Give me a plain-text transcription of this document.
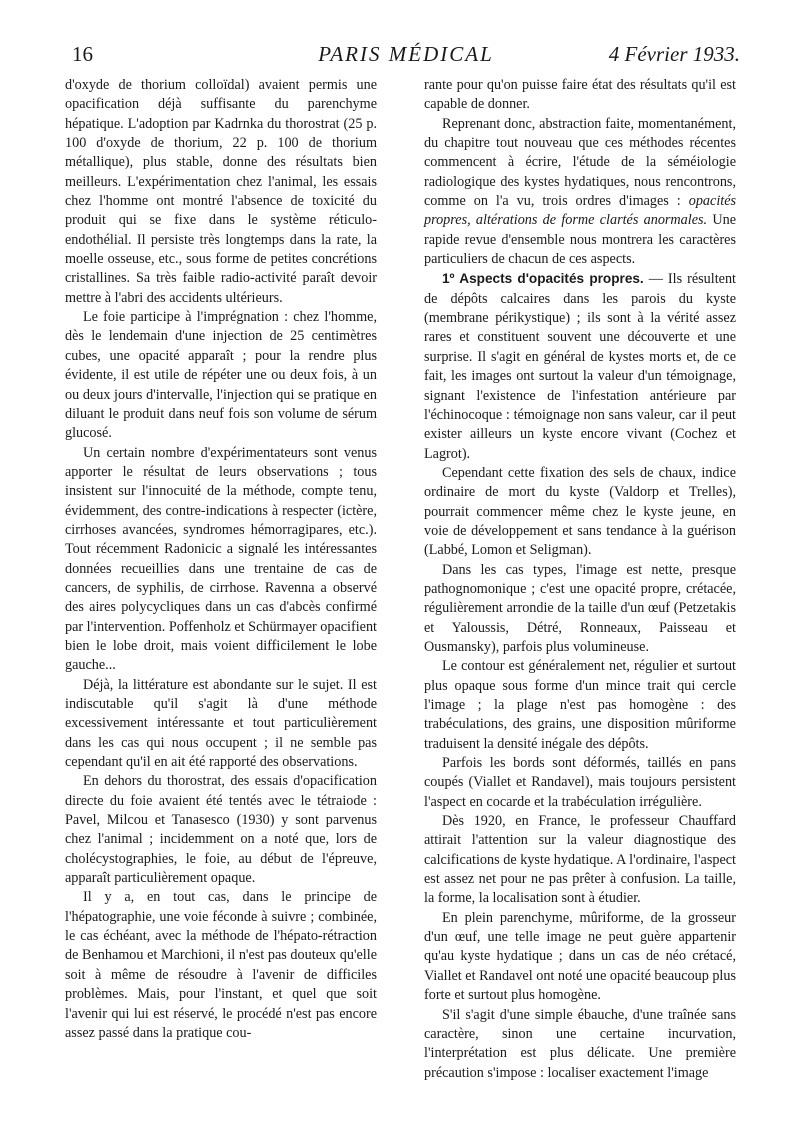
16	PARIS MÉDICAL	4 Février 1933.

d'oxyde de thorium colloïdal) avaient permis une opacification déjà suffisante du parenchyme hépatique. L'adoption par Kadrnka du thorostrat (25 p. 100 d'oxyde de thorium, 22 p. 100 de thorium métallique), plus stable, donne des résultats bien meilleurs. L'expérimentation chez l'animal, les essais chez l'homme ont montré l'absence de toxicité du produit qui se fixe dans le système réticulo-endothélial. Il persiste très longtemps dans la rate, la moelle osseuse, etc., sous forme de petites concrétions cristallines. Sa très faible radio-activité paraît devoir mettre à l'abri des accidents ultérieurs.

Le foie participe à l'imprégnation : chez l'homme, dès le lendemain d'une injection de 25 centimètres cubes, une opacité apparaît ; pour la rendre plus évidente, il est utile de répéter une ou deux fois, à un ou deux jours d'intervalle, l'injection qui se pratique en diluant le produit dans neuf fois son volume de sérum glucosé.

Un certain nombre d'expérimentateurs sont venus apporter le résultat de leurs observations ; tous insistent sur l'innocuité de la méthode, compte tenu, évidemment, des contre-indications à respecter (ictère, cirrhoses avancées, syndromes hémorragipares, etc.). Tout récemment Radonicic a signalé les intéressantes données recueillies dans une trentaine de cas de cancers, de syphilis, de cirrhose. Ravenna a observé des aires polycycliques dans un cas d'abcès confirmé par l'intervention. Poffenholz et Schürmayer opacifient bien le lobe droit, mais voient difficilement le lobe gauche...

Déjà, la littérature est abondante sur le sujet. Il est indiscutable qu'il s'agit là d'une méthode excessivement intéressante et tout particulièrement dans les cas qui nous occupent ; il ne semble pas cependant qu'il en ait été rapporté des observations.

En dehors du thorostrat, des essais d'opacification directe du foie avaient été tentés avec le tétraiode : Pavel, Milcou et Tanasesco (1930) y sont parvenus chez l'animal ; incidemment on a noté que, lors de cholécystographies, le foie, au début de l'épreuve, apparaît particulièrement opaque.

Il y a, en tout cas, dans le principe de l'hépatographie, une voie féconde à suivre ; combinée, le cas échéant, avec la méthode de l'hépato-rétraction de Benhamou et Marchioni, il n'est pas douteux qu'elle soit à même de résoudre à l'avenir de difficiles problèmes. Mais, pour l'instant, et quel que soit l'avenir qui lui est réservé, le procédé n'est pas encore assez passé dans la pratique cou-

rante pour qu'on puisse faire état des résultats qu'il est capable de donner.

Reprenant donc, abstraction faite, momentanément, du chapitre tout nouveau que ces méthodes récentes commencent à écrire, l'étude de la séméiologie radiologique des kystes hydatiques, nous rencontrons, comme on l'a vu, trois ordres d'images : opacités propres, altérations de forme clartés anormales. Une rapide revue d'ensemble nous montrera les caractères particuliers de chacun de ces aspects.

1º Aspects d'opacités propres. — Ils résultent de dépôts calcaires dans les parois du kyste (membrane périkystique) ; ils sont à la vérité assez rares et constituent souvent une découverte et une surprise. Il s'agit en général de kystes morts et, de ce fait, les images ont surtout la valeur d'un témoignage, signant l'existence de l'infestation antérieure par l'échinocoque : témoignage non sans valeur, car il peut exister ailleurs un kyste encore vivant (Cochez et Lagrot).

Cependant cette fixation des sels de chaux, indice ordinaire de mort du kyste (Valdorp et Trelles), pourrait commencer même chez le kyste jeune, en voie de développement et sans tendance à la guérison (Labbé, Lomon et Seligman).

Dans les cas types, l'image est nette, presque pathognomonique ; c'est une opacité propre, crétacée, régulièrement arrondie de la taille d'un œuf (Petzetakis et Yaloussis, Détré, Ronneaux, Paisseau et Ousmansky), parfois plus volumineuse.

Le contour est généralement net, régulier et surtout plus opaque sous forme d'un mince trait qui cercle l'image ; la plage n'est pas homogène : des trabéculations, des grains, une disposition mûriforme traduisent la densité inégale des dépôts.

Parfois les bords sont déformés, taillés en pans coupés (Viallet et Randavel), mais toujours persistent l'aspect en cocarde et la trabéculation irrégulière.

Dès 1920, en France, le professeur Chauffard attirait l'attention sur la valeur diagnostique des calcifications de kyste hydatique. A l'ordinaire, l'aspect est assez net pour ne pas prêter à confusion. La taille, la forme, la localisation sont à étudier.

En plein parenchyme, mûriforme, de la grosseur d'un œuf, une telle image ne peut guère appartenir qu'au kyste hydatique ; dans un cas de néo crétacé, Viallet et Randavel ont noté une opacité beaucoup plus forte et surtout plus homogène.

S'il s'agit d'une simple ébauche, d'une traînée sans caractère, sinon une certaine incurvation, l'interprétation est plus délicate. Une première précaution s'impose : localiser exactement l'image
